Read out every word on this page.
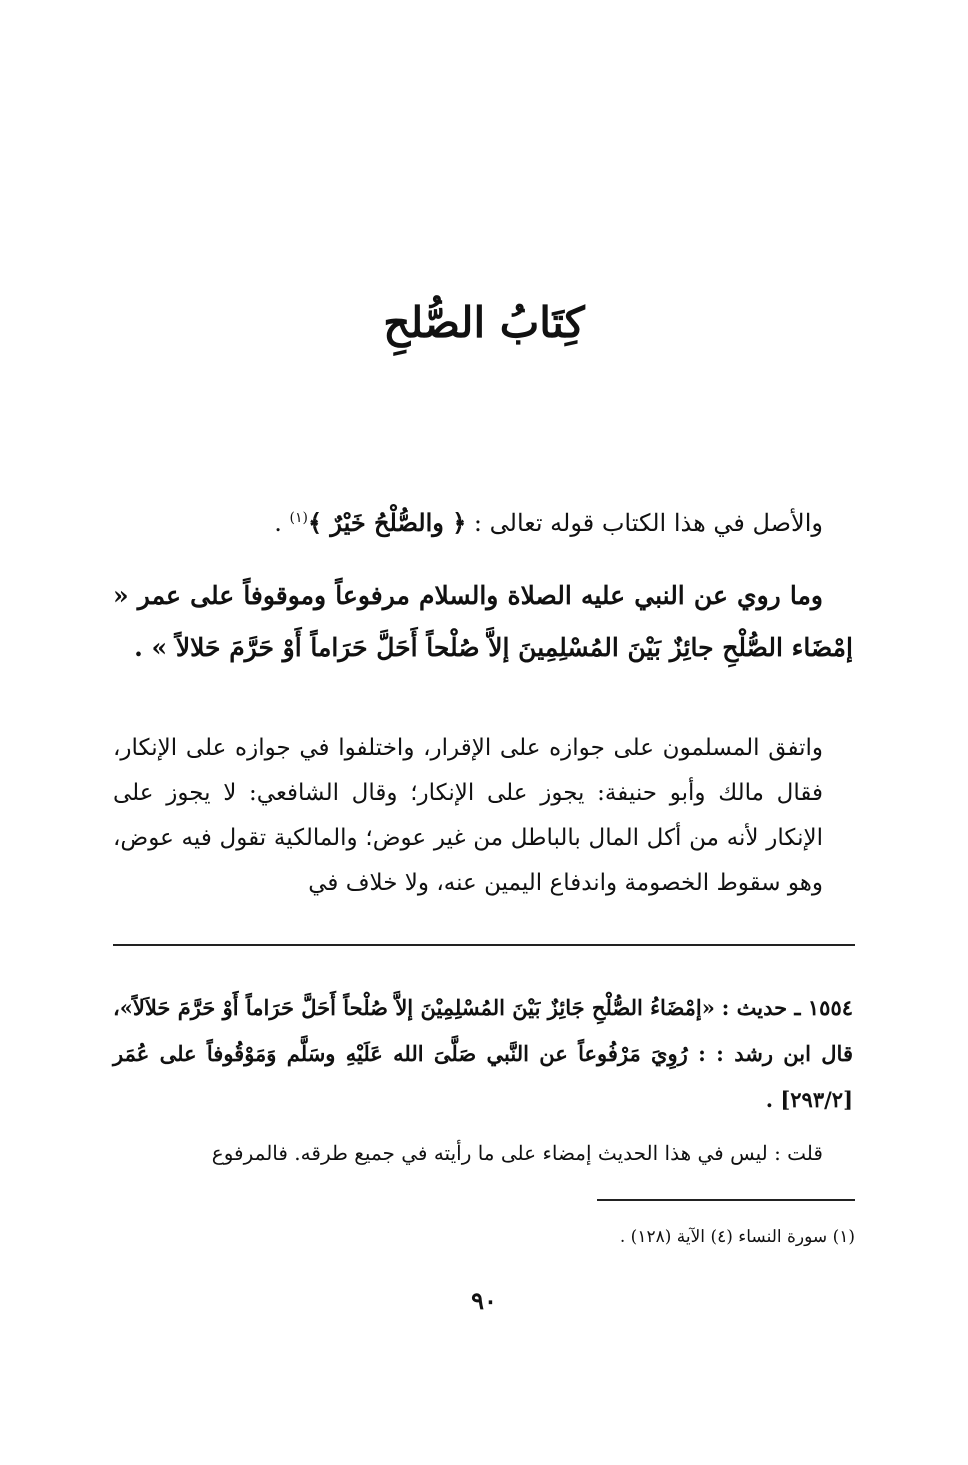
كِتَابُ الصُّلحِ
والأصل في هذا الكتاب قوله تعالى : ﴿ والصُّلْحُ خَيْرٌ ﴾$^{(١)}$ .
وما روي عن النبي عليه الصلاة والسلام مرفوعاً وموقوفاً على عمر « إمْضَاء الصُّلْحِ جائِزٌ بَيْنَ المُسْلِمِينَ إلاَّ صُلْحاً أَحَلَّ حَرَاماً أَوْ حَرَّمَ حَلالاً » .
واتفق المسلمون على جوازه على الإقرار، واختلفوا في جوازه على الإنكار، فقال مالك وأبو حنيفة: يجوز على الإنكار؛ وقال الشافعي: لا يجوز على الإنكار لأنه من أكل المال بالباطل من غير عوض؛ والمالكية تقول فيه عوض، وهو سقوط الخصومة واندفاع اليمين عنه، ولا خلاف في
١٥٥٤ ـ حديث : «إمْضَاءُ الصُّلْحِ جَائِزٌ بَيْنَ المُسْلِمِيْنَ إلاَّ صُلْحاً أَحَلَّ حَرَاماً أَوْ حَرَّمَ حَلاَلاً»، قال ابن رشد : : رُوِيَ مَرْفُوعاً عن النَّبي صَلَّىَ الله عَلَيْهِ وسَلَّم وَمَوْقُوفاً على عُمَر [٢٩٣/٢] .
قلت : ليس في هذا الحديث إمضاء على ما رأيته في جميع طرقه. فالمرفوع
(١) سورة النساء (٤) الآية (١٢٨) .
٩٠
